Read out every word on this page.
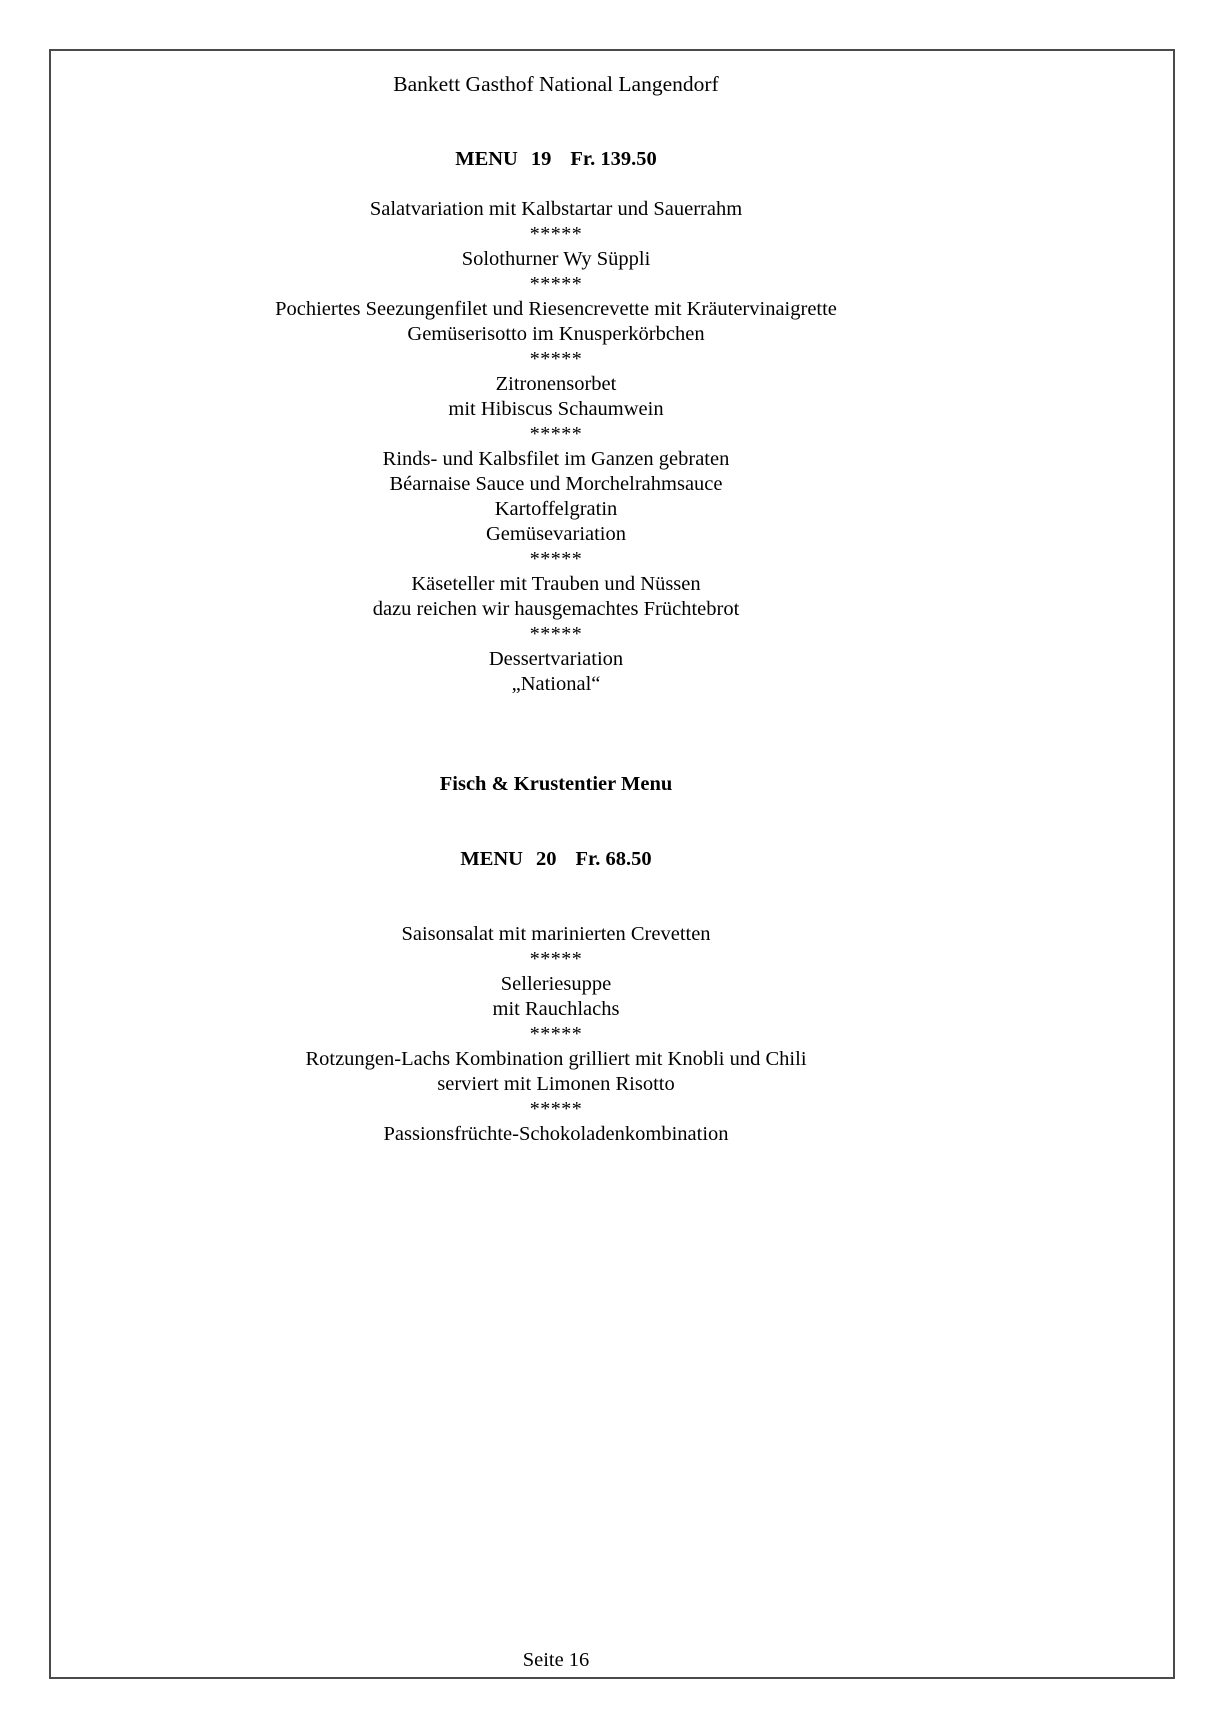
Bankett Gasthof National Langendorf
MENU 19 Fr. 139.50
Salatvariation mit Kalbstartar und Sauerrahm
*****
Solothurner Wy Süppli
*****
Pochiertes Seezungenfilet und Riesencrevette mit Kräutervinaigrette
Gemüserisotto im Knusperkörbchen
*****
Zitronensorbet
mit Hibiscus Schaumwein
*****
Rinds- und Kalbsfilet im Ganzen gebraten
Béarnaise Sauce und Morchelrahmsauce
Kartoffelgratin
Gemüsevariation
*****
Käseteller mit Trauben und Nüssen
dazu reichen wir hausgemachtes Früchtebrot
*****
Dessertvariation
„National“
Fisch & Krustentier Menu
MENU 20 Fr. 68.50
Saisonsalat mit marinierten Crevetten
*****
Selleriesuppe
mit Rauchlachs
*****
Rotzungen-Lachs Kombination grilliert mit Knobli und Chili
serviert mit Limonen Risotto
*****
Passionsfrüchte-Schokoladenkombination
Seite 16
